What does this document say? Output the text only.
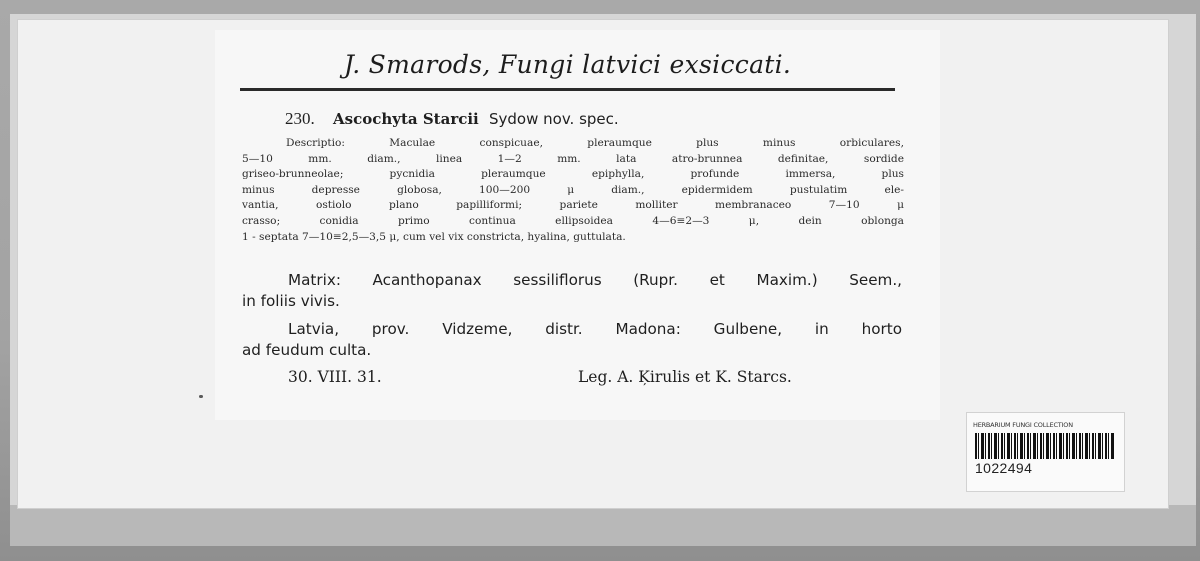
J. Smarods, Fungi latvici exsiccati.
230. Ascochyta Starcii Sydow nov. spec.
Descriptio: Maculae conspicuae, pleraumque plus minus orbiculares,
5—10 mm. diam., linea 1—2 mm. lata atro-brunnea definitae, sordide
griseo-brunneolae; pycnidia pleraumque epiphylla, profunde immersa, plus
minus depresse globosa, 100—200 μ diam., epidermidem pustulatim ele-
vantia, ostiolo plano papilliformi; pariete molliter membranaceo 7—10 μ
crasso; conidia primo continua ellipsoidea 4—6≡2—3 μ, dein oblonga
1 - septata 7—10≡2,5—3,5 μ, cum vel vix constricta, hyalina, guttulata.
Matrix: Acanthopanax sessiliflorus (Rupr. et Maxim.) Seem.,
in foliis vivis.
Latvia, prov. Vidzeme, distr. Madona: Gulbene, in horto
ad feudum culta.
30. VIII. 31.	Leg. A. Ķirulis et K. Starcs.
HERBARIUM FUNGI COLLECTION
1022494
